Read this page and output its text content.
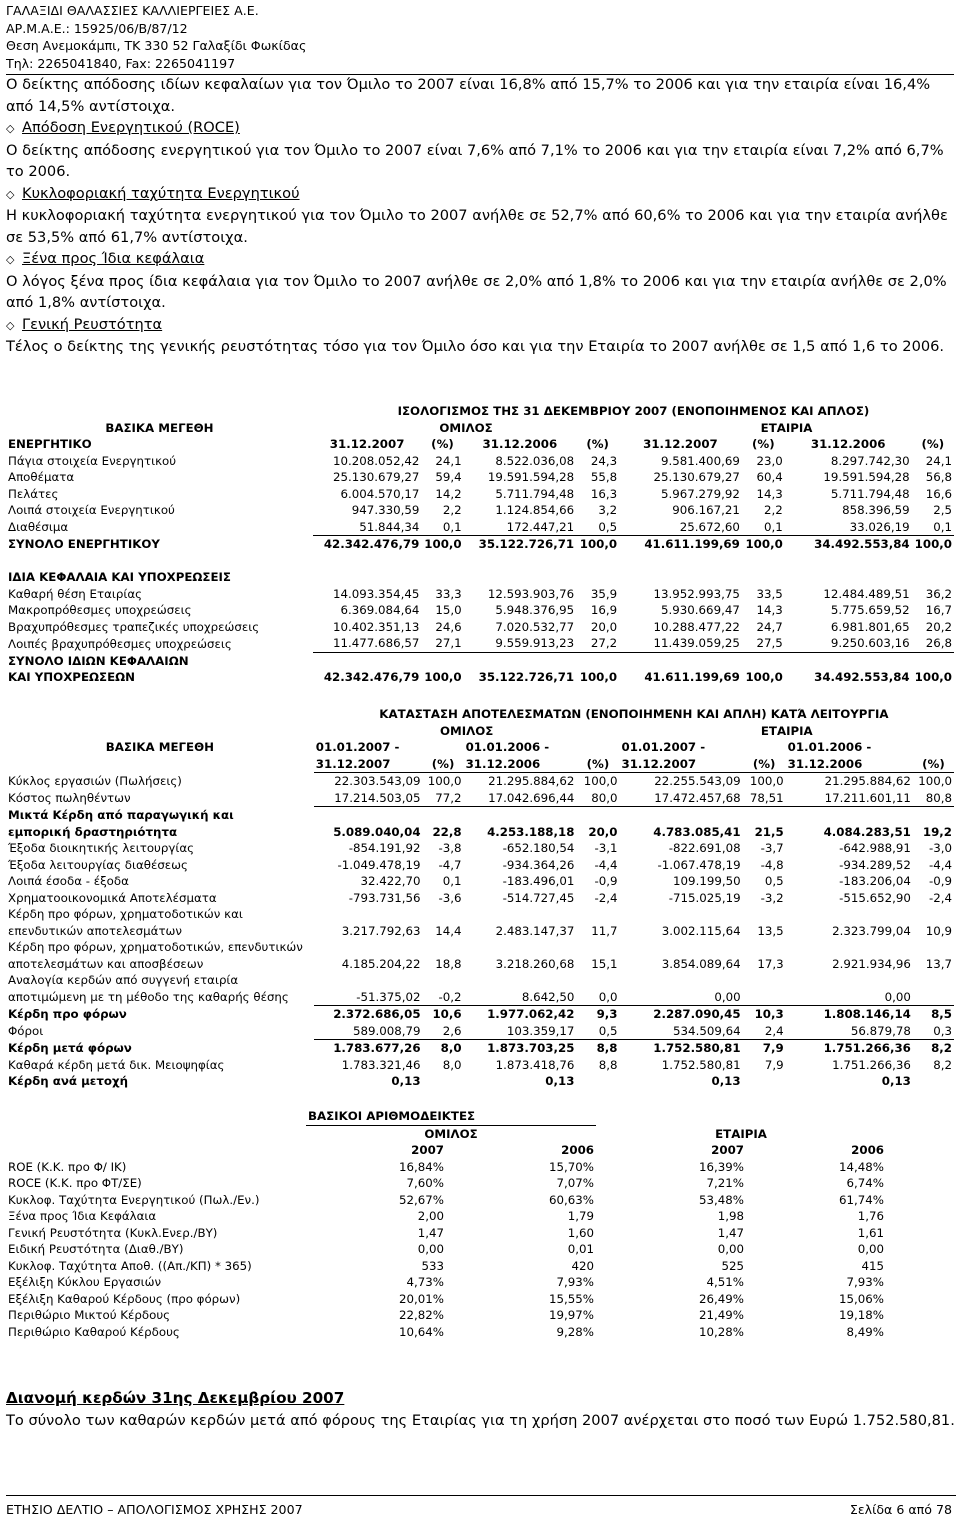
ΓΑΛΑΞΙΔΙ ΘΑΛΑΣΣΙΕΣ ΚΑΛΛΙΕΡΓΕΙΕΣ Α.Ε.
ΑΡ.Μ.Α.Ε.: 15925/06/Β/87/12
Θεση Ανεμοκάμπι, ΤΚ 330 52 Γαλαξίδι Φωκίδας
Τηλ: 2265041840, Fax: 2265041197

Ο δείκτης απόδοσης ιδίων κεφαλαίων για τον Όμιλο το 2007 είναι 16,8% από 15,7% το 2006 και για την εταιρία είναι 16,4% από 14,5% αντίστοιχα.

◇ Απόδοση Ενεργητικού (ROCE)

Ο δείκτης απόδοσης ενεργητικού για τον Όμιλο το 2007 είναι 7,6% από 7,1% το 2006 και για την εταιρία είναι 7,2% από 6,7% το 2006.

◇ Κυκλοφοριακή ταχύτητα Ενεργητικού

Η κυκλοφοριακή ταχύτητα ενεργητικού για τον Όμιλο το 2007 ανήλθε σε 52,7% από 60,6% το 2006 και για την εταιρία ανήλθε σε 53,5% από 61,7% αντίστοιχα.

◇ Ξένα προς Ίδια κεφάλαια

Ο λόγος ξένα προς ίδια κεφάλαια για τον Όμιλο το 2007 ανήλθε σε 2,0% από 1,8% το 2006 και για την εταιρία ανήλθε σε 2,0% από 1,8% αντίστοιχα.

◇ Γενική Ρευστότητα

Τέλος ο δείκτης της γενικής ρευστότητας τόσο για τον Όμιλο όσο και για την Εταιρία το 2007 ανήλθε σε 1,5 από 1,6 το 2006.

	ΙΣΟΛΟΓΙΣΜΟΣ ΤΗΣ 31 ΔΕΚΕΜΒΡΙΟΥ 2007 (ΕΝΟΠΟΙΗΜΕΝΟΣ ΚΑΙ ΑΠΛΟΣ)							
ΒΑΣΙΚΑ ΜΕΓΕΘΗ	ΟΜΙΛΟΣ				ΕΤΑΙΡΙΑ			
ΕΝΕΡΓΗΤΙΚΟ	31.12.2007	(%)	31.12.2006	(%)	31.12.2007	(%)	31.12.2006	(%)
Πάγια στοιχεία Ενεργητικού	10.208.052,42	24,1	8.522.036,08	24,3	9.581.400,69	23,0	8.297.742,30	24,1
Αποθέματα	25.130.679,27	59,4	19.591.594,28	55,8	25.130.679,27	60,4	19.591.594,28	56,8
Πελάτες	6.004.570,17	14,2	5.711.794,48	16,3	5.967.279,92	14,3	5.711.794,48	16,6
Λοιπά στοιχεία Ενεργητικού	947.330,59	2,2	1.124.854,66	3,2	906.167,21	2,2	858.396,59	2,5
Διαθέσιμα	51.844,34	0,1	172.447,21	0,5	25.672,60	0,1	33.026,19	0,1
ΣΥΝΟΛΟ ΕΝΕΡΓΗΤΙΚΟΥ	42.342.476,79	100,0	35.122.726,71	100,0	41.611.199,69	100,0	34.492.553,84	100,0

ΙΔΙΑ ΚΕΦΑΛΑΙΑ ΚΑΙ ΥΠΟΧΡΕΩΣΕΙΣ								
Καθαρή θέση Εταιρίας	14.093.354,45	33,3	12.593.903,76	35,9	13.952.993,75	33,5	12.484.489,51	36,2
Μακροπρόθεσμες υποχρεώσεις	6.369.084,64	15,0	5.948.376,95	16,9	5.930.669,47	14,3	5.775.659,52	16,7
Βραχυπρόθεσμες τραπεζικές υποχρεώσεις	10.402.351,13	24,6	7.020.532,77	20,0	10.288.477,22	24,7	6.981.801,65	20,2
Λοιπές βραχυπρόθεσμες υποχρεώσεις	11.477.686,57	27,1	9.559.913,23	27,2	11.439.059,25	27,5	9.250.603,16	26,8
ΣΥΝΟΛΟ ΙΔΙΩΝ ΚΕΦΑΛΑΙΩΝ								
ΚΑΙ ΥΠΟΧΡΕΩΣΕΩΝ	42.342.476,79	100,0	35.122.726,71	100,0	41.611.199,69	100,0	34.492.553,84	100,0
	ΚΑΤΑΣΤΑΣΗ ΑΠΟΤΕΛΕΣΜΑΤΩΝ (ΕΝΟΠΟΙΗΜΕΝΗ ΚΑΙ ΑΠΛΗ) ΚΑΤΆ ΛΕΙΤΟΥΡΓΙΑ							
	ΟΜΙΛΟΣ				ΕΤΑΙΡΙΑ			
ΒΑΣΙΚΑ ΜΕΓΕΘΗ	01.01.2007 -		01.01.2006 -		01.01.2007 -		01.01.2006 -	
	31.12.2007	(%)	31.12.2006	(%)	31.12.2007	(%)	31.12.2006	(%)
Κύκλος εργασιών (Πωλήσεις)	22.303.543,09	100,0	21.295.884,62	100,0	22.255.543,09	100,0	21.295.884,62	100,0
Κόστος πωληθέντων	17.214.503,05	77,2	17.042.696,44	80,0	17.472.457,68	78,51	17.211.601,11	80,8
Μικτά Κέρδη από παραγωγική και								
εμπορική δραστηριότητα	5.089.040,04	22,8	4.253.188,18	20,0	4.783.085,41	21,5	4.084.283,51	19,2
Έξοδα διοικητικής λειτουργίας	-854.191,92	-3,8	-652.180,54	-3,1	-822.691,08	-3,7	-642.988,91	-3,0
Έξοδα λειτουργίας διαθέσεως	-1.049.478,19	-4,7	-934.364,26	-4,4	-1.067.478,19	-4,8	-934.289,52	-4,4
Λοιπά έσοδα - έξοδα	32.422,70	0,1	-183.496,01	-0,9	109.199,50	0,5	-183.206,04	-0,9
Χρηματοοικονομικά Αποτελέσματα	-793.731,56	-3,6	-514.727,45	-2,4	-715.025,19	-3,2	-515.652,90	-2,4
Κέρδη προ φόρων, χρηματοδοτικών και								
επενδυτικών αποτελεσμάτων	3.217.792,63	14,4	2.483.147,37	11,7	3.002.115,64	13,5	2.323.799,04	10,9
Κέρδη προ φόρων, χρηματοδοτικών, επενδυτικών								
αποτελεσμάτων και αποσβέσεων	4.185.204,22	18,8	3.218.260,68	15,1	3.854.089,64	17,3	2.921.934,96	13,7
Αναλογία κερδών από συγγενή εταιρία								
αποτιμώμενη με τη μέθοδο της καθαρής θέσης	-51.375,02	-0,2	8.642,50	0,0	0,00		0,00	
Κέρδη προ φόρων	2.372.686,05	10,6	1.977.062,42	9,3	2.287.090,45	10,3	1.808.146,14	8,5
Φόροι	589.008,79	2,6	103.359,17	0,5	534.509,64	2,4	56.879,78	0,3
Κέρδη μετά φόρων	1.783.677,26	8,0	1.873.703,25	8,8	1.752.580,81	7,9	1.751.266,36	8,2
Καθαρά κέρδη μετά δικ. Μειοψηφίας	1.783.321,46	8,0	1.873.418,76	8,8	1.752.580,81	7,9	1.751.266,36	8,2
Κέρδη ανά μετοχή	0,13		0,13		0,13		0,13	
	ΒΑΣΙΚΟΙ ΑΡΙΘΜΟΔΕΙΚΤΕΣ			
	ΟΜΙΛΟΣ		ΕΤΑΙΡΙΑ	
	2007	2006	2007	2006
ROE (Κ.Κ. προ Φ/ ΙΚ)	16,84%	15,70%	16,39%	14,48%
ROCE (Κ.Κ. προ ΦΤ/ΣΕ)	7,60%	7,07%	7,21%	6,74%
Κυκλοφ. Ταχύτητα Ενεργητικού (Πωλ./Εν.)	52,67%	60,63%	53,48%	61,74%
Ξένα προς Ίδια Κεφάλαια	2,00	1,79	1,98	1,76
Γενική Ρευστότητα (Κυκλ.Ενερ./ΒΥ)	1,47	1,60	1,47	1,61
Ειδική Ρευστότητα (Διαθ./ΒΥ)	0,00	0,01	0,00	0,00
Κυκλοφ. Ταχύτητα Αποθ. ((Απ./ΚΠ) * 365)	533	420	525	415
Εξέλιξη Κύκλου Εργασιών	4,73%	7,93%	4,51%	7,93%
Εξέλιξη Καθαρού Κέρδους (προ φόρων)	20,01%	15,55%	26,49%	15,06%
Περιθώριο Μικτού Κέρδους	22,82%	19,97%	21,49%	19,18%
Περιθώριο Καθαρού Κέρδους	10,64%	9,28%	10,28%	8,49%
Διανομή κερδών 31ης Δεκεμβρίου 2007
Το σύνολο των καθαρών κερδών μετά από φόρους της Εταιρίας για τη χρήση 2007 ανέρχεται στο ποσό των Ευρώ 1.752.580,81.
ΕΤΗΣΙΟ ΔΕΛΤΙΟ – ΑΠΟΛΟΓΙΣΜΟΣ ΧΡΗΣΗΣ 2007	Σελίδα 6 από 78
